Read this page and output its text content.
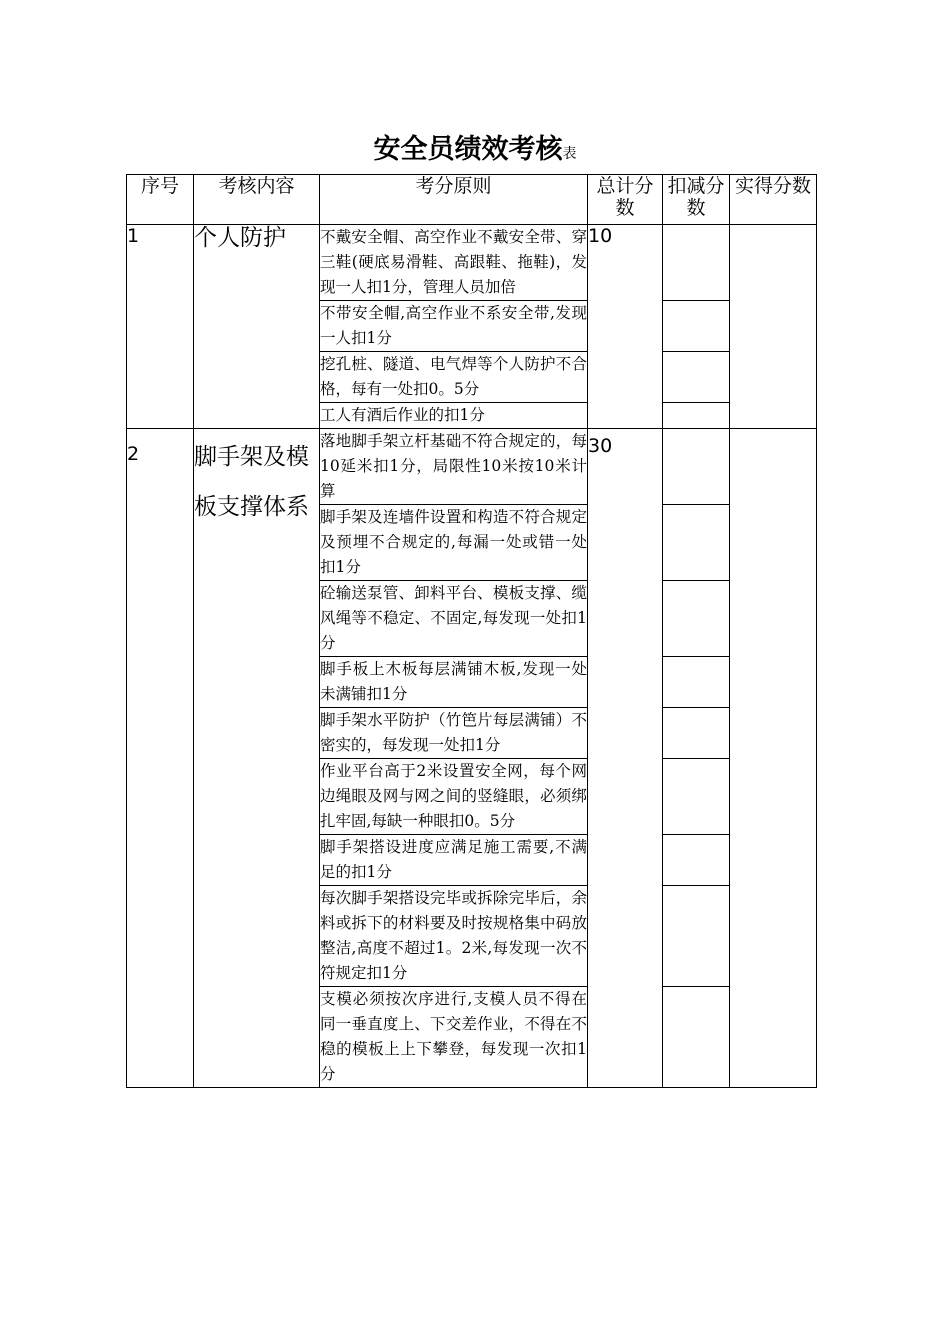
安全员绩效考核表
序号	考核内容	考分原则	总计分数	扣减分数	实得分数
1	个人防护	不戴安全帽、高空作业不戴安全带、穿三鞋(硬底易滑鞋、高跟鞋、拖鞋)，发现一人扣1分，管理人员加倍	10		
		不带安全帽,高空作业不系安全带,发现一人扣1分			
		挖孔桩、隧道、电气焊等个人防护不合格，每有一处扣0。5分			
		工人有酒后作业的扣1分			
2	脚手架及模板支撑体系	落地脚手架立杆基础不符合规定的，每10延米扣1分，局限性10米按10米计算	30		
		脚手架及连墙件设置和构造不符合规定及预埋不合规定的,每漏一处或错一处扣1分			
		砼输送泵管、卸料平台、模板支撑、缆风绳等不稳定、不固定,每发现一处扣1分			
		脚手板上木板每层满铺木板,发现一处未满铺扣1分			
		脚手架水平防护（竹笆片每层满铺）不密实的，每发现一处扣1分			
		作业平台高于2米设置安全网，每个网边绳眼及网与网之间的竖缝眼，必须绑扎牢固,每缺一种眼扣0。5分			
		脚手架搭设进度应满足施工需要,不满足的扣1分			
		每次脚手架搭设完毕或拆除完毕后，余料或拆下的材料要及时按规格集中码放整洁,高度不超过1。2米,每发现一次不符规定扣1分			
		支模必须按次序进行,支模人员不得在同一垂直度上、下交差作业，不得在不稳的模板上上下攀登，每发现一次扣1分			
